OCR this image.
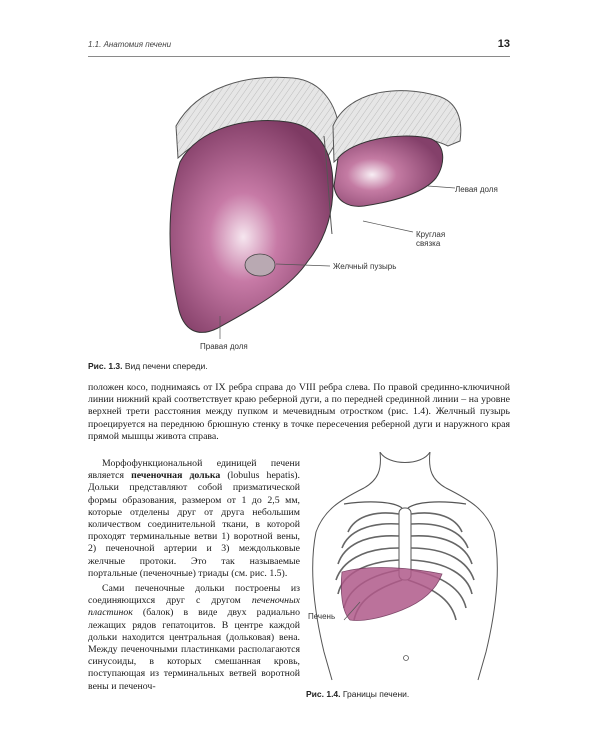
1.1. Анатомия печени	13
Левая доля
Круглая связка
Желчный пузырь
Правая доля
Рис. 1.3. Вид печени спереди.

положен косо, поднимаясь от IX ребра справа до VIII ребра слева. По правой срединно-ключичной линии нижний край соответствует краю реберной дуги, а по передней срединной линии – на уровне верхней трети расстояния между пупком и мечевидным отростком (рис. 1.4). Желчный пузырь проецируется на переднюю брюшную стенку в точке пересечения реберной дуги и наружного края прямой мышцы живота справа.

Морфофункциональной единицей печени является печеночная долька (lobulus hepatis). Дольки представляют собой призматической формы образования, размером от 1 до 2,5 мм, которые отделены друг от друга небольшим количеством соединительной ткани, в которой проходят терминальные ветви 1) воротной вены, 2) печеночной артерии и 3) междольковые желчные протоки. Это так называемые портальные (печеночные) триады (см. рис. 1.5).

Сами печеночные дольки построены из соединяющихся друг с другом печеночных пластинок (балок) в виде двух радиально лежащих рядов гепатоцитов. В центре каждой дольки находится центральная (дольковая) вена. Между печеночными пластинками располагаются синусоиды, в которых смешанная кровь, поступающая из терминальных ветвей воротной вены и печеноч-

Печень
Рис. 1.4. Границы печени.
